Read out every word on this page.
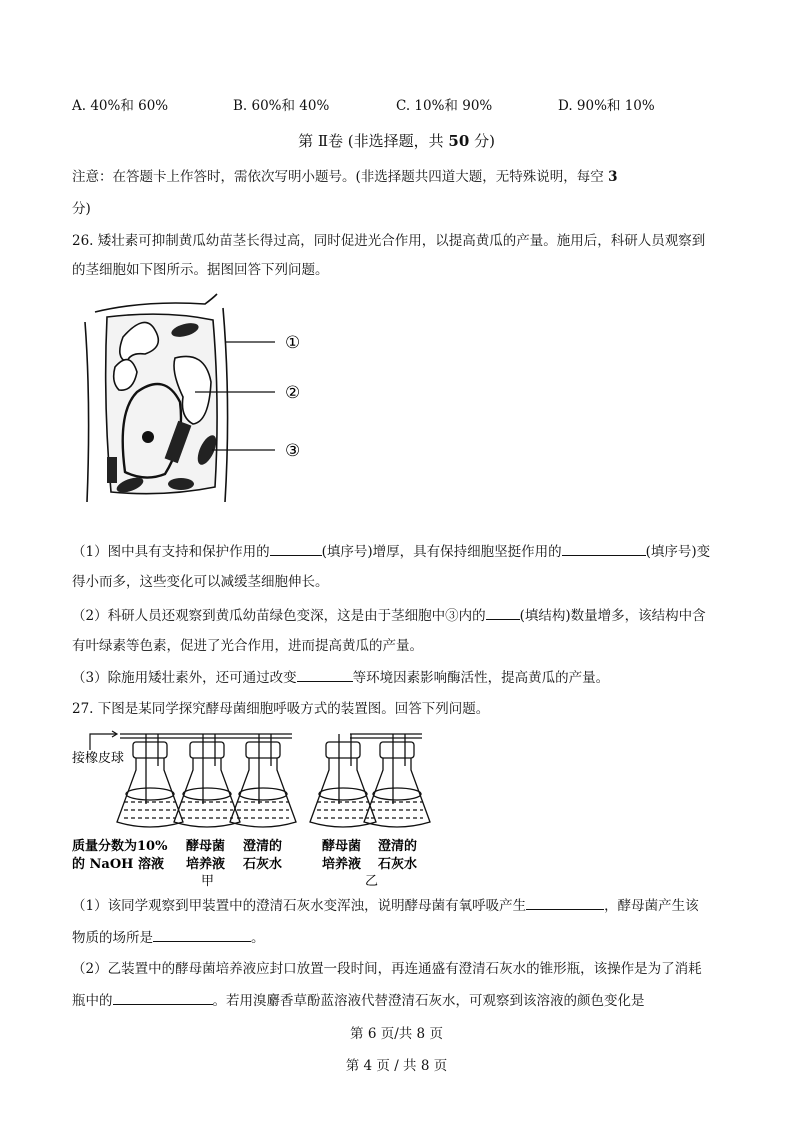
A. 40%和 60%	B. 60%和 40%	C. 10%和 90%	D. 90%和 10%
第 Ⅱ卷 (非选择题，共 50 分)
注意：在答题卡上作答时，需依次写明小题号。(非选择题共四道大题，无特殊说明，每空 3
分)
26. 矮壮素可抑制黄瓜幼苗茎长得过高，同时促进光合作用，以提高黄瓜的产量。施用后，科研人员观察到
的茎细胞如下图所示。据图回答下列问题。
①
②
③
（1）图中具有支持和保护作用的	(填序号)增厚，具有保持细胞坚挺作用的	(填序号)变
得小而多，这些变化可以减缓茎细胞伸长。
（2）科研人员还观察到黄瓜幼苗绿色变深，这是由于茎细胞中③内的	(填结构)数量增多，该结构中含
有叶绿素等色素，促进了光合作用，进而提高黄瓜的产量。
（3）除施用矮壮素外，还可通过改变	等环境因素影响酶活性，提高黄瓜的产量。
27. 下图是某同学探究酵母菌细胞呼吸方式的装置图。回答下列问题。
接橡皮球
质量分数为10%
的 NaOH 溶液
酵母菌
培养液
澄清的
石灰水
酵母菌
培养液
澄清的
石灰水
甲	乙
（1）该同学观察到甲装置中的澄清石灰水变浑浊，说明酵母菌有氧呼吸产生	，酵母菌产生该
物质的场所是	。
（2）乙装置中的酵母菌培养液应封口放置一段时间，再连通盛有澄清石灰水的锥形瓶，该操作是为了消耗
瓶中的	。若用溴麝香草酚蓝溶液代替澄清石灰水，可观察到该溶液的颜色变化是
第 6 页/共 8 页
第 4 页 / 共 8 页
